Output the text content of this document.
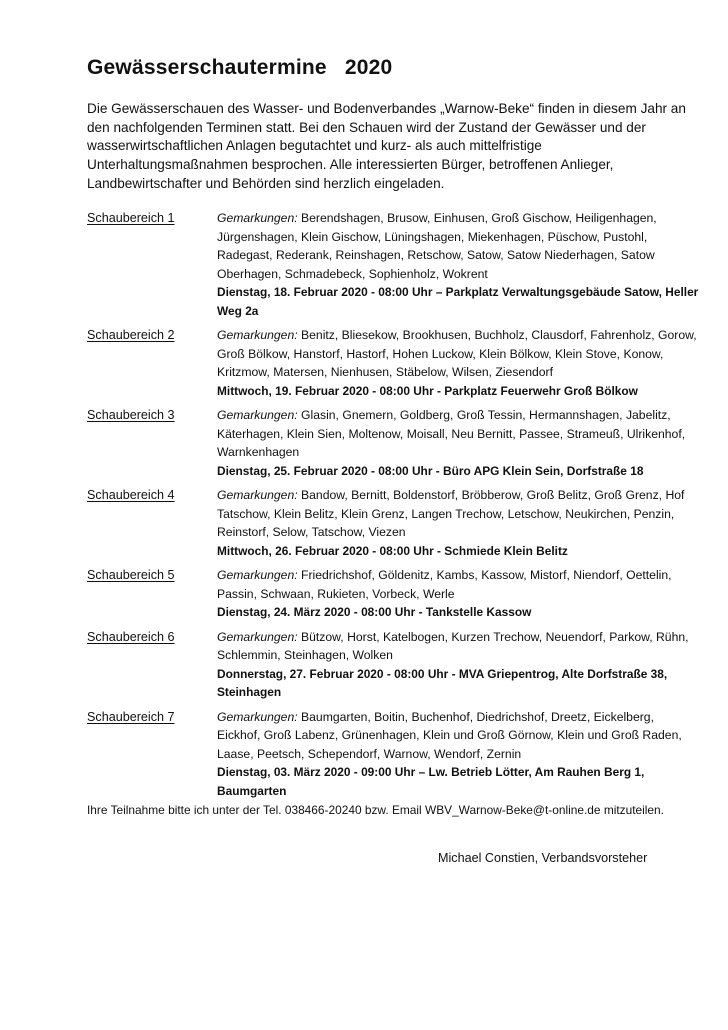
Gewässerschautermine   2020

Die Gewässerschauen des Wasser- und Bodenverbandes „Warnow-Beke“ finden in diesem Jahr an den nachfolgenden Terminen statt. Bei den Schauen wird der Zustand der Gewässer und der wasserwirtschaftlichen Anlagen begutachtet und kurz- als auch mittelfristige Unterhaltungsmaßnahmen besprochen. Alle interessierten Bürger, betroffenen Anlieger, Landbewirtschafter und Behörden sind herzlich eingeladen.

Schaubereich 1	Gemarkungen: Berendshagen, Brusow, Einhusen, Groß Gischow, Heiligenhagen, Jürgenshagen, Klein Gischow, Lüningshagen, Miekenhagen, Püschow, Pustohl, Radegast, Rederank, Reinshagen, Retschow, Satow, Satow Niederhagen, Satow Oberhagen, Schmadebeck, Sophienholz, Wokrent
Dienstag, 18. Februar 2020 - 08:00 Uhr – Parkplatz Verwaltungsgebäude Satow, Heller Weg 2a
Schaubereich 2	Gemarkungen: Benitz, Bliesekow, Brookhusen, Buchholz, Clausdorf, Fahrenholz, Gorow, Groß Bölkow, Hanstorf, Hastorf, Hohen Luckow, Klein Bölkow, Klein Stove, Konow, Kritzmow, Matersen, Nienhusen, Stäbelow, Wilsen, Ziesendorf
Mittwoch, 19. Februar 2020 - 08:00 Uhr - Parkplatz Feuerwehr Groß Bölkow
Schaubereich 3	Gemarkungen: Glasin, Gnemern, Goldberg, Groß Tessin, Hermannshagen, Jabelitz, Käterhagen, Klein Sien, Moltenow, Moisall, Neu Bernitt, Passee, Strameuß, Ulrikenhof, Warnkenhagen
Dienstag, 25. Februar 2020 - 08:00 Uhr - Büro APG Klein Sein, Dorfstraße 18
Schaubereich 4	Gemarkungen: Bandow, Bernitt, Boldenstorf, Bröbberow, Groß Belitz, Groß Grenz, Hof Tatschow, Klein Belitz, Klein Grenz, Langen Trechow, Letschow, Neukirchen, Penzin, Reinstorf, Selow, Tatschow, Viezen
Mittwoch, 26. Februar 2020 - 08:00 Uhr - Schmiede Klein Belitz
Schaubereich 5	Gemarkungen: Friedrichshof, Göldenitz, Kambs, Kassow, Mistorf, Niendorf, Oettelin, Passin, Schwaan, Rukieten, Vorbeck, Werle
Dienstag, 24. März 2020 - 08:00 Uhr - Tankstelle Kassow
Schaubereich 6	Gemarkungen: Bützow, Horst, Katelbogen, Kurzen Trechow, Neuendorf, Parkow, Rühn, Schlemmin, Steinhagen, Wolken
Donnerstag, 27. Februar 2020 - 08:00 Uhr - MVA Griepentrog, Alte Dorfstraße 38, Steinhagen
Schaubereich 7	Gemarkungen: Baumgarten, Boitin, Buchenhof, Diedrichshof, Dreetz, Eickelberg, Eickhof, Groß Labenz, Grünenhagen, Klein und Groß Görnow, Klein und Groß Raden, Laase, Peetsch, Schependorf, Warnow, Wendorf, Zernin
Dienstag, 03. März 2020 - 09:00 Uhr – Lw. Betrieb Lötter, Am Rauhen Berg 1, Baumgarten

Ihre Teilnahme bitte ich unter der Tel. 038466-20240 bzw. Email WBV_Warnow-Beke@t-online.de mitzuteilen.

Michael Constien, Verbandsvorsteher
